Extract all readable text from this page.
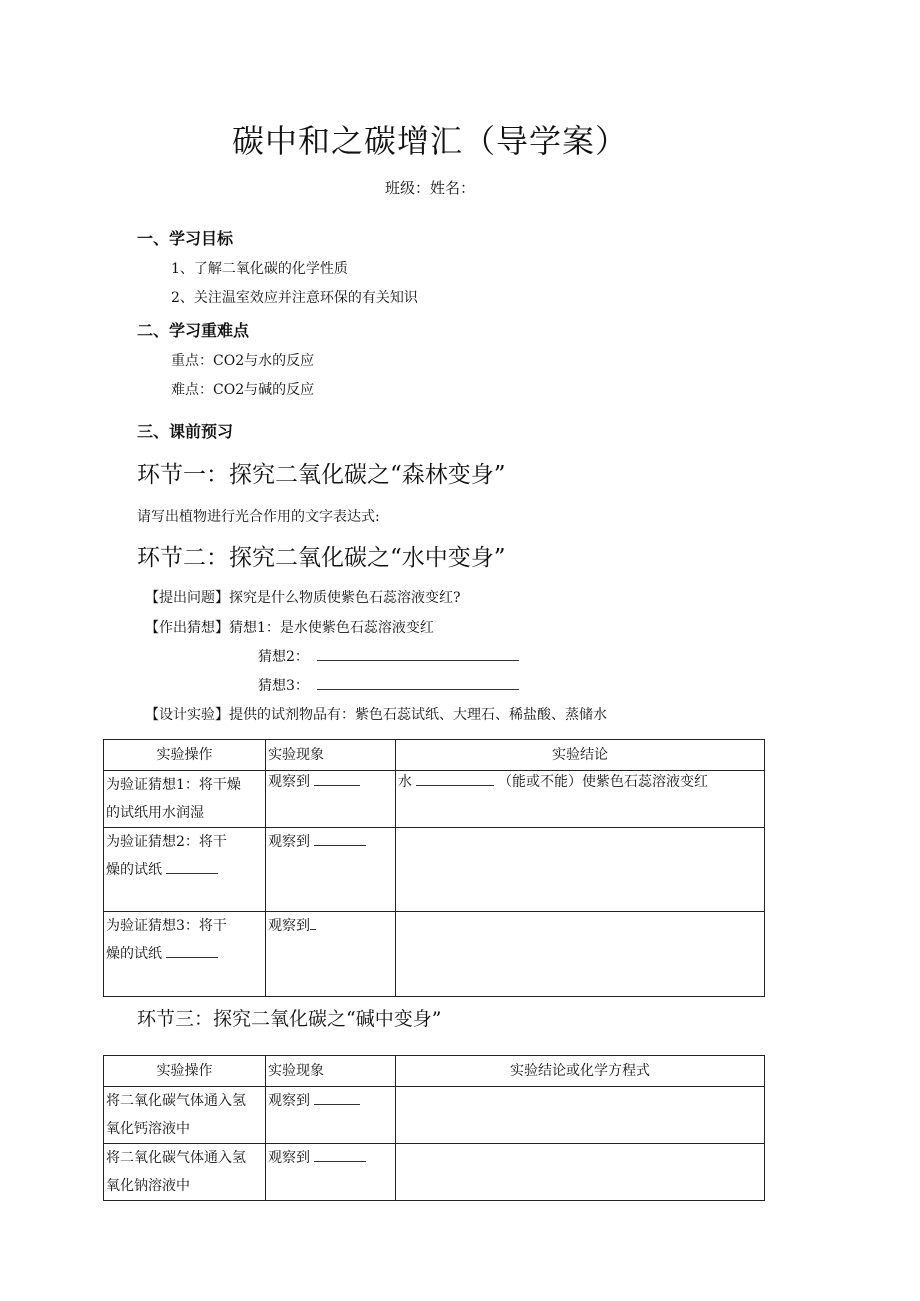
碳中和之碳增汇（导学案）
班级：姓名：
一、学习目标
1、了解二氧化碳的化学性质
2、关注温室效应并注意环保的有关知识
二、学习重难点
重点：CO2与水的反应
难点：CO2与碱的反应
三、课前预习
环节一：探究二氧化碳之“森林变身”
请写出植物进行光合作用的文字表达式:
环节二：探究二氧化碳之“水中变身”
【提出问题】探究是什么物质使紫色石蕊溶液变红?
【作出猜想】猜想1：是水使紫色石蕊溶液变红
猜想2：
猜想3：
【设计实验】提供的试剂物品有：紫色石蕊试纸、大理石、稀盐酸、蒸储水
实验操作	实验现象	实验结论

为验证猜想1：将干燥
的试纸用水润湿	观察到	水 （能或不能）使紫色石蕊溶液变红

为验证猜想2：将干
燥的试纸	观察到	

为验证猜想3：将干
燥的试纸	观察到	
环节三：探究二氧化碳之“碱中变身”
实验操作	实验现象	实验结论或化学方程式

将二氧化碳气体通入氢
氧化钙溶液中	观察到	

将二氧化碳气体通入氢
氧化钠溶液中	观察到	
